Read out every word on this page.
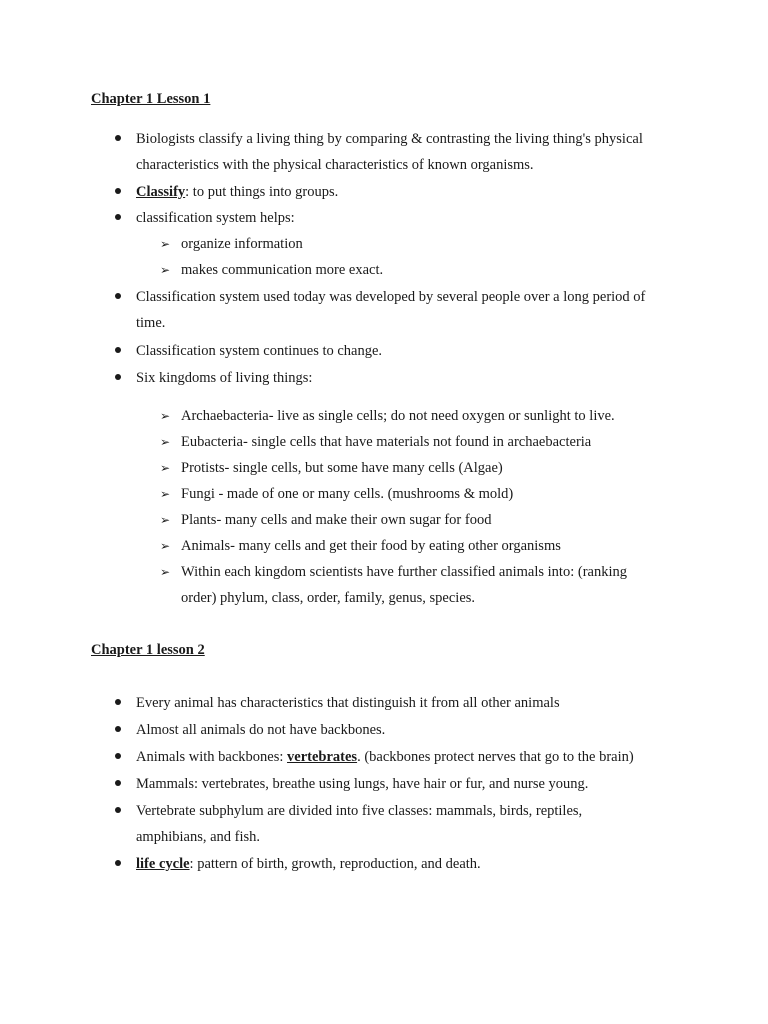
Chapter 1 Lesson 1
Biologists classify a living thing by comparing & contrasting the living thing's physical
characteristics with the physical characteristics of known organisms.
Classify: to put things into groups.
classification system helps:
➢ organize information
➢ makes communication more exact.
Classification system used today was developed by several people over a long period of
time.
Classification system continues to change.
Six kingdoms of living things:
➢ Archaebacteria- live as single cells; do not need oxygen or sunlight to live.
➢ Eubacteria- single cells that have materials not found in archaebacteria
➢ Protists- single cells, but some have many cells (Algae)
➢ Fungi - made of one or many cells. (mushrooms & mold)
➢ Plants- many cells and make their own sugar for food
➢ Animals- many cells and get their food by eating other organisms
➢ Within each kingdom scientists have further classified animals into: (ranking
order) phylum, class, order, family, genus, species.
Chapter 1 lesson 2
Every animal has characteristics that distinguish it from all other animals
Almost all animals do not have backbones.
Animals with backbones: vertebrates. (backbones protect nerves that go to the brain)
Mammals: vertebrates, breathe using lungs, have hair or fur, and nurse young.
Vertebrate subphylum are divided into five classes: mammals, birds, reptiles,
amphibians, and fish.
life cycle: pattern of birth, growth, reproduction, and death.
